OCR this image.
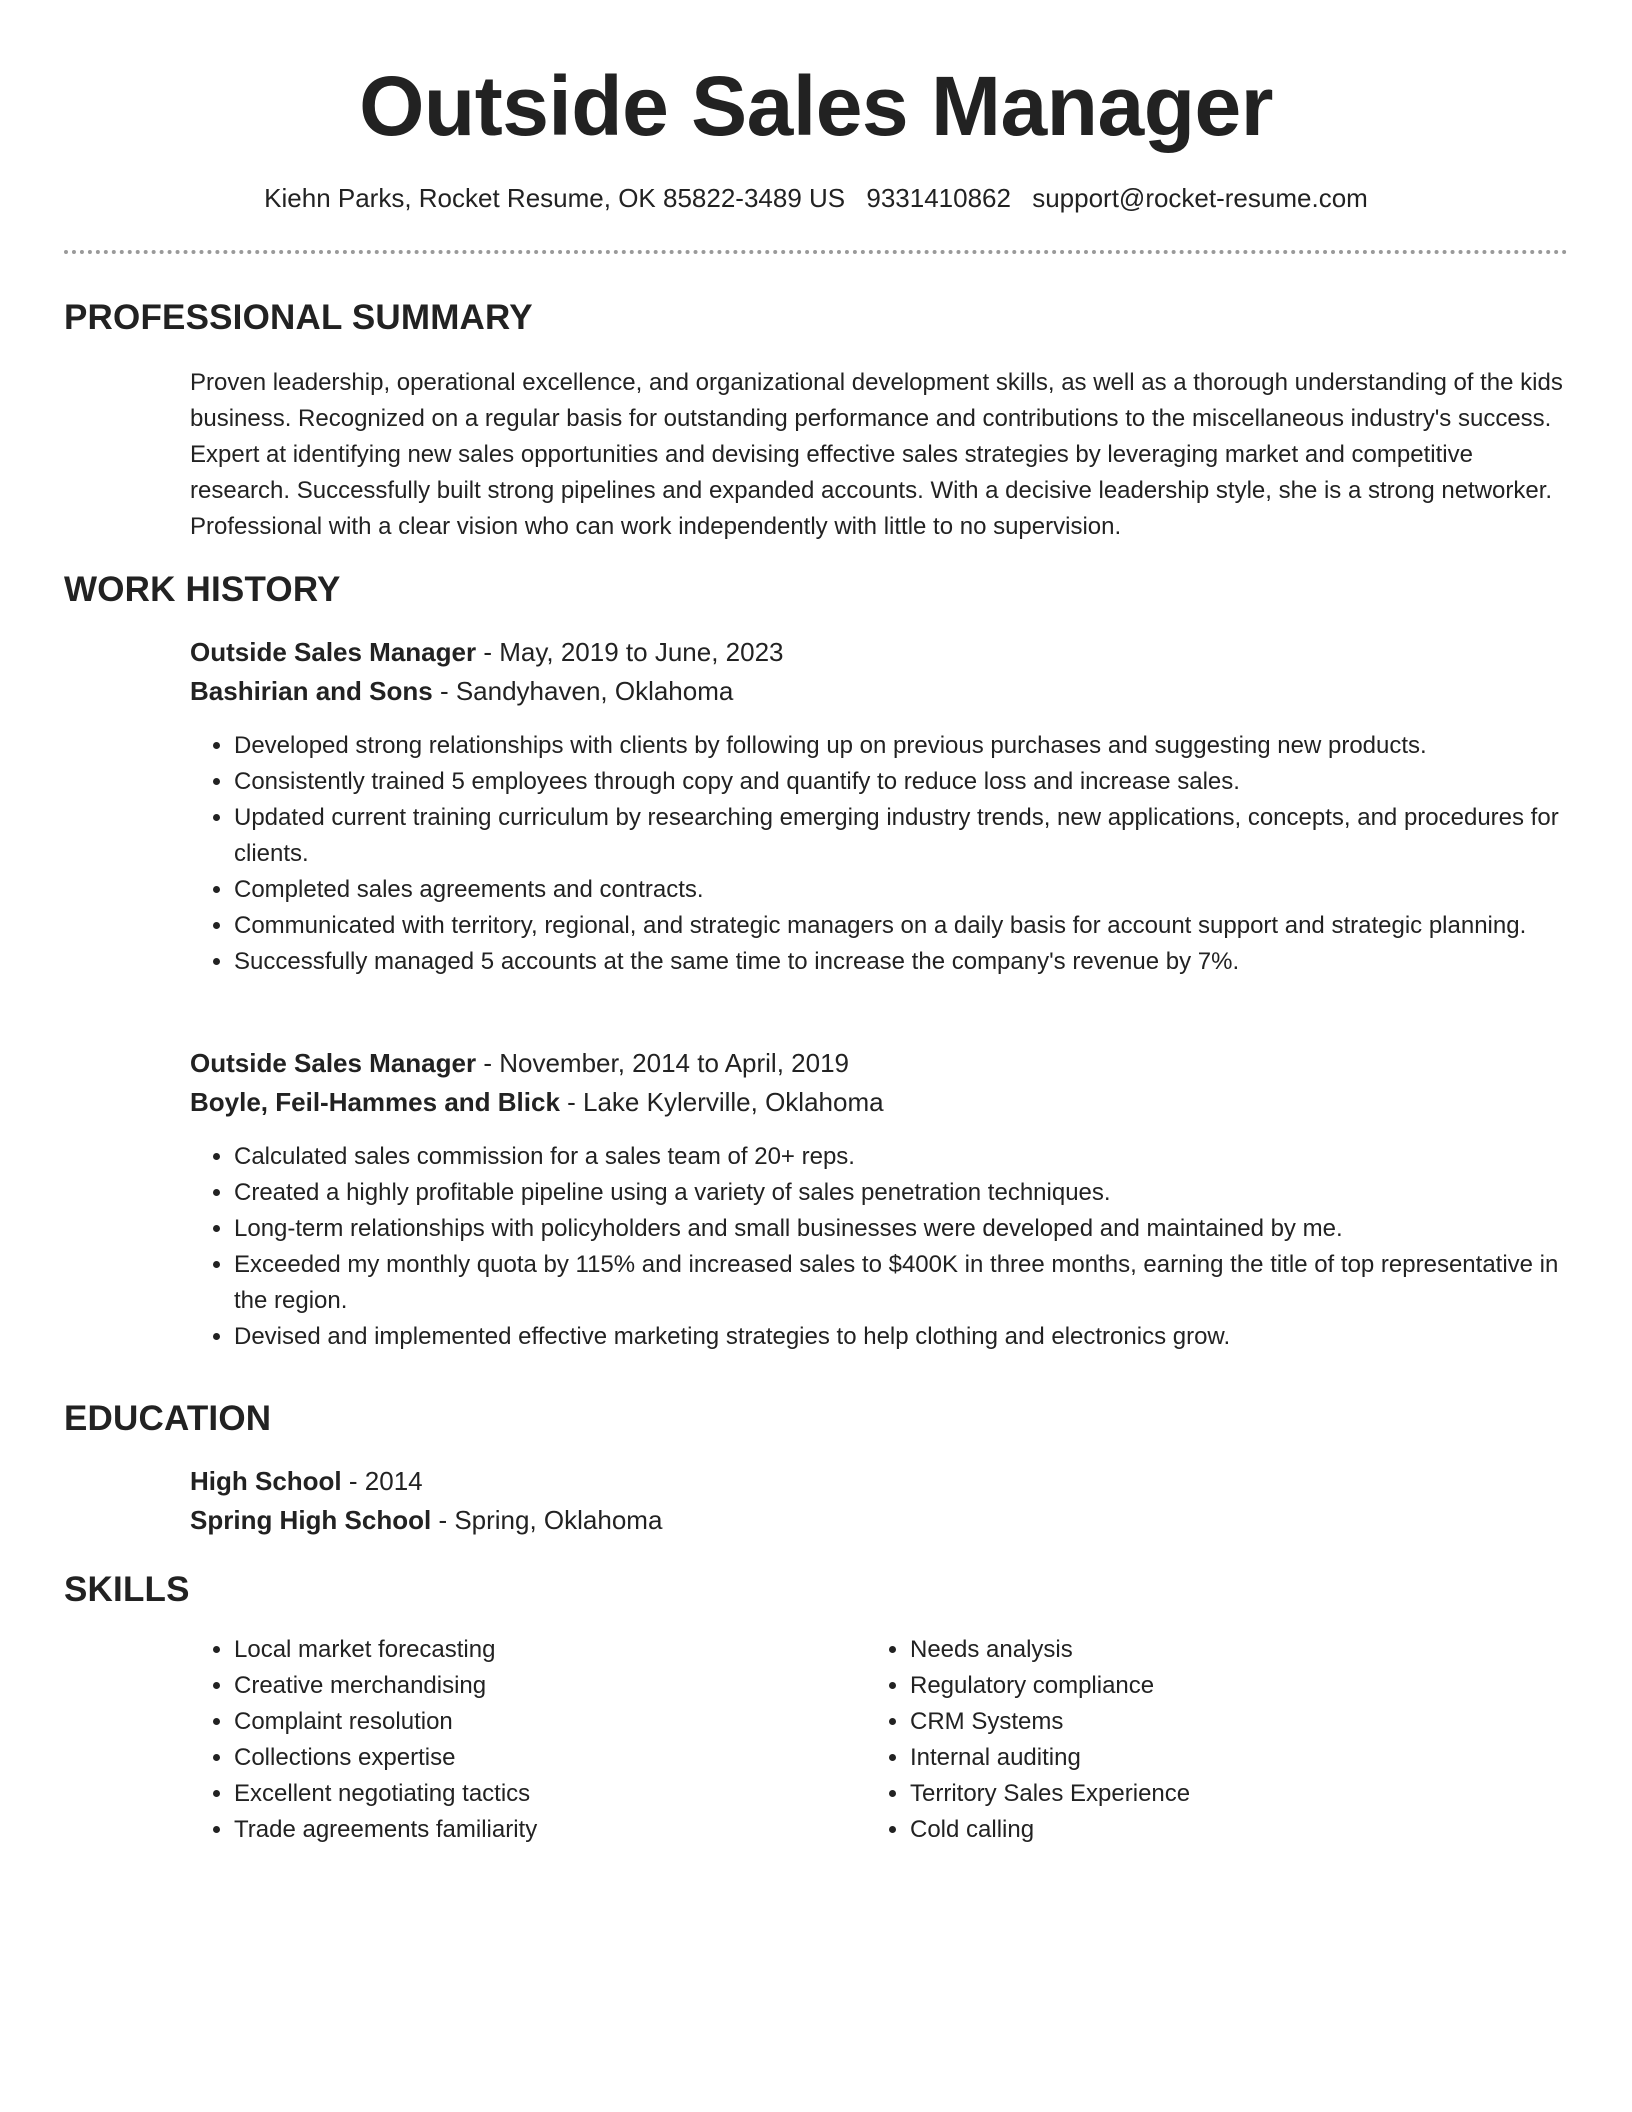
Outside Sales Manager
Kiehn Parks, Rocket Resume, OK 85822-3489 US 9331410862 support@rocket-resume.com
PROFESSIONAL SUMMARY
Proven leadership, operational excellence, and organizational development skills, as well as a thorough understanding of the kids business. Recognized on a regular basis for outstanding performance and contributions to the miscellaneous industry's success. Expert at identifying new sales opportunities and devising effective sales strategies by leveraging market and competitive research. Successfully built strong pipelines and expanded accounts. With a decisive leadership style, she is a strong networker. Professional with a clear vision who can work independently with little to no supervision.
WORK HISTORY
Outside Sales Manager - May, 2019 to June, 2023
Bashirian and Sons - Sandyhaven, Oklahoma
• Developed strong relationships with clients by following up on previous purchases and suggesting new products.
• Consistently trained 5 employees through copy and quantify to reduce loss and increase sales.
• Updated current training curriculum by researching emerging industry trends, new applications, concepts, and procedures for clients.
• Completed sales agreements and contracts.
• Communicated with territory, regional, and strategic managers on a daily basis for account support and strategic planning.
• Successfully managed 5 accounts at the same time to increase the company's revenue by 7%.
Outside Sales Manager - November, 2014 to April, 2019
Boyle, Feil-Hammes and Blick - Lake Kylerville, Oklahoma
• Calculated sales commission for a sales team of 20+ reps.
• Created a highly profitable pipeline using a variety of sales penetration techniques.
• Long-term relationships with policyholders and small businesses were developed and maintained by me.
• Exceeded my monthly quota by 115% and increased sales to $400K in three months, earning the title of top representative in the region.
• Devised and implemented effective marketing strategies to help clothing and electronics grow.
EDUCATION
High School - 2014
Spring High School - Spring, Oklahoma
SKILLS
• Local market forecasting
• Creative merchandising
• Complaint resolution
• Collections expertise
• Excellent negotiating tactics
• Trade agreements familiarity
• Needs analysis
• Regulatory compliance
• CRM Systems
• Internal auditing
• Territory Sales Experience
• Cold calling
